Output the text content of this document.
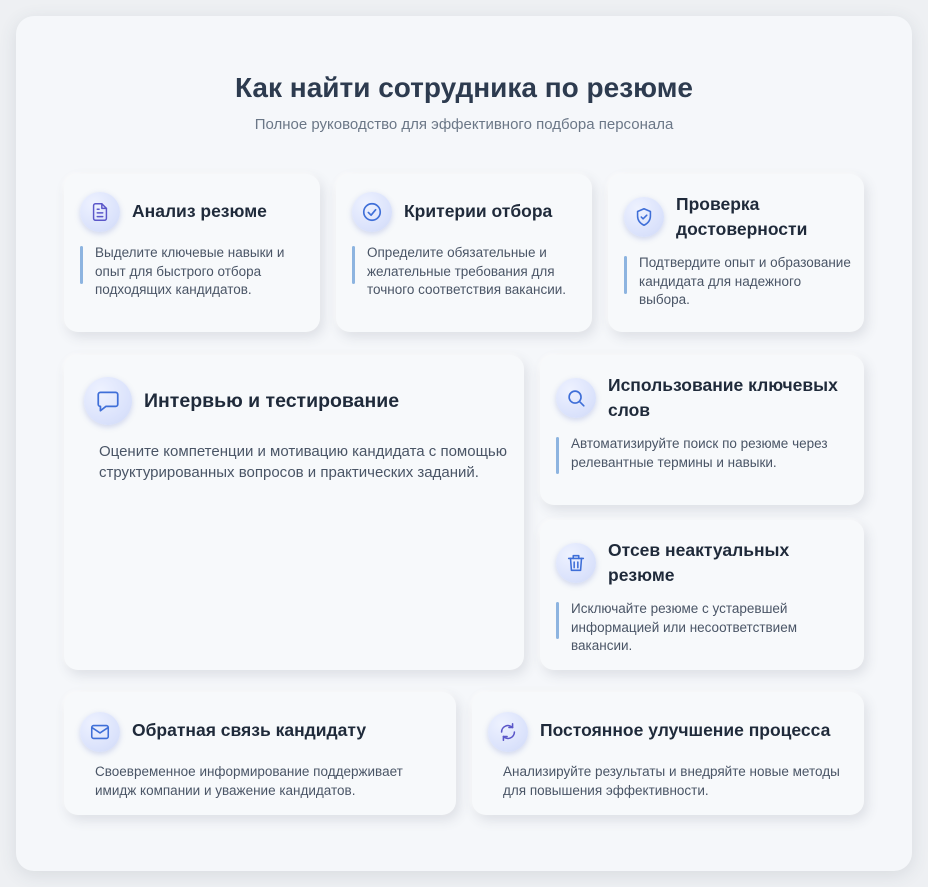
Как найти сотрудника по резюме

Полное руководство для эффективного подбора персонала

Анализ резюме
Выделите ключевые навыки и опыт для быстрого отбора подходящих кандидатов.
Критерии отбора
Определите обязательные и желательные требования для точного соответствия вакансии.
Проверка достоверности
Подтвердите опыт и образование кандидата для надежного выбора.
Интервью и тестирование
Оцените компетенции и мотивацию кандидата с помощью структурированных вопросов и практических заданий.
Использование ключевых слов
Автоматизируйте поиск по резюме через релевантные термины и навыки.
Отсев неактуальных резюме
Исключайте резюме с устаревшей информацией или несоответствием вакансии.
Обратная связь кандидату
Своевременное информирование поддерживает имидж компании и уважение кандидатов.
Постоянное улучшение процесса
Анализируйте результаты и внедряйте новые методы для повышения эффективности.
